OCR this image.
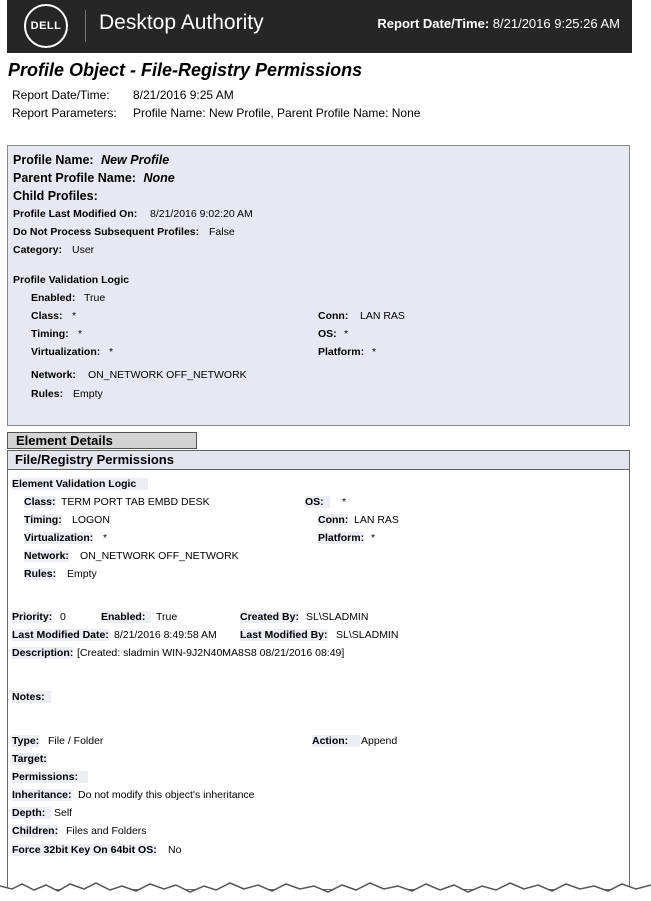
DELL	Desktop Authority	Report Date/Time: 8/21/2016 9:25:26 AM
Profile Object - File-Registry Permissions
Report Date/Time: 8/21/2016 9:25 AM
Report Parameters: Profile Name: New Profile, Parent Profile Name: None
Profile Name: New Profile
Parent Profile Name: None
Child Profiles:
Profile Last Modified On: 8/21/2016 9:02:20 AM
Do Not Process Subsequent Profiles: False
Category: User
Profile Validation Logic
Enabled: True
Class: *	Conn: LAN RAS
Timing: *	OS: *
Virtualization: *	Platform: *
Network: ON_NETWORK OFF_NETWORK
Rules: Empty
Element Details
File/Registry Permissions
Element Validation Logic
Class: TERM PORT TAB EMBD DESK	OS:	*
Timing: LOGON	Conn: LAN RAS
Virtualization: *	Platform: *
Network: ON_NETWORK OFF_NETWORK
Rules: Empty
Priority: 0	Enabled:	True	Created By: SL\SLADMIN
Last Modified Date: 8/21/2016 8:49:58 AM Last Modified By: SL\SLADMIN
Description: [Created: sladmin WIN-9J2N40MA8S8 08/21/2016 08:49]
Notes:
Type: File / Folder	Action:	Append
Target:
Permissions:
Inheritance: Do not modify this object's inheritance
Depth: Self
Children: Files and Folders
Force 32bit Key On 64bit OS: No
